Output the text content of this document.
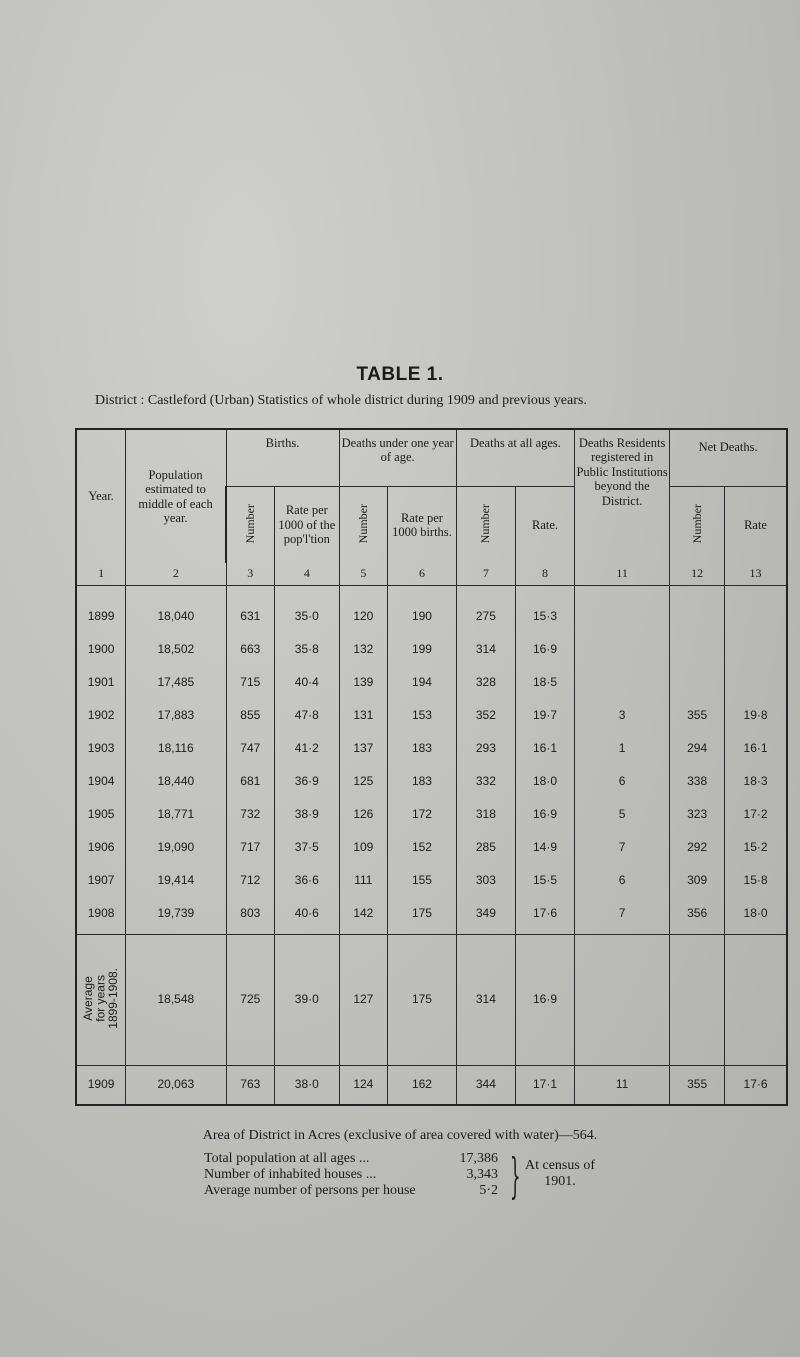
TABLE 1.
District : Castleford (Urban) Statistics of whole district during 1909 and previous years.
Year.	Population estimated to middle of each year.	Births.		Deaths under one year of age.		Deaths at all ages.		Deaths Residents registered in Public Institutions beyond the District.	Net Deaths.	
		Number	Rate per 1000 of the pop'l'tion	Number	Rate per 1000 births.	Number	Rate.		Number	Rate
1	2	3	4	5	6	7	8	11	12	13
1899	18,040	631	35·0	120	190	275	15·3			
1900	18,502	663	35·8	132	199	314	16·9			
1901	17,485	715	40·4	139	194	328	18·5			
1902	17,883	855	47·8	131	153	352	19·7	3	355	19·8
1903	18,116	747	41·2	137	183	293	16·1	1	294	16·1
1904	18,440	681	36·9	125	183	332	18·0	6	338	18·3
1905	18,771	732	38·9	126	172	318	16·9	5	323	17·2
1906	19,090	717	37·5	109	152	285	14·9	7	292	15·2
1907	19,414	712	36·6	111	155	303	15·5	6	309	15·8
1908	19,739	803	40·6	142	175	349	17·6	7	356	18·0
Average
for years
1899-1908.	18,548	725	39·0	127	175	314	16·9			
1909	20,063	763	38·0	124	162	344	17·1	11	355	17·6
Area of District in Acres (exclusive of area covered with water)—564.
Total population at all ages ...	17,386
Number of inhabited houses ...	3,343
Average number of persons per house	5·2 } At census of 1901.
